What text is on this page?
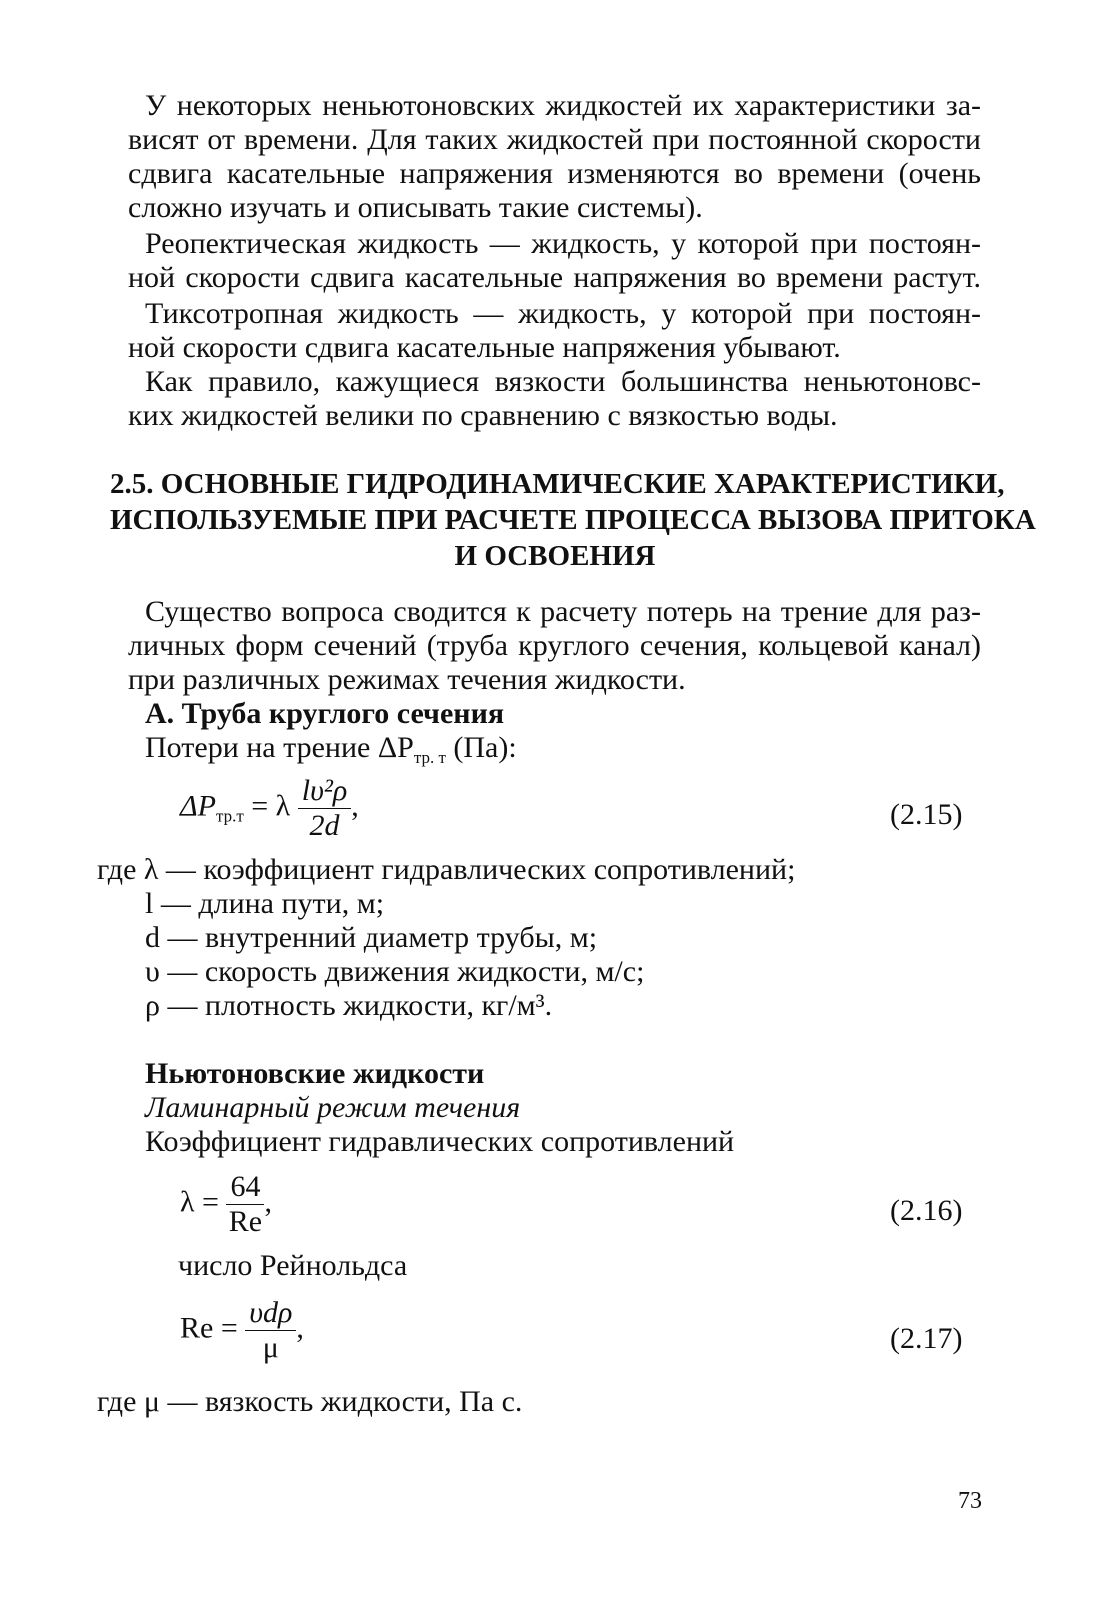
У некоторых неньютоновских жидкостей их характеристики за-
висят от времени. Для таких жидкостей при постоянной скорости
сдвига касательные напряжения изменяются во времени (очень
сложно изучать и описывать такие системы).
Реопектическая жидкость — жидкость, у которой при постоян-
ной скорости сдвига касательные напряжения во времени растут.
Тиксотропная жидкость — жидкость, у которой при постоян-
ной скорости сдвига касательные напряжения убывают.
Как правило, кажущиеся вязкости большинства неньютоновс-
ких жидкостей велики по сравнению с вязкостью воды.
2.5. ОСНОВНЫЕ ГИДРОДИНАМИЧЕСКИЕ ХАРАКТЕРИСТИКИ,
ИСПОЛЬЗУЕМЫЕ ПРИ РАСЧЕТЕ ПРОЦЕССА ВЫЗОВА ПРИТОКА
И ОСВОЕНИЯ
Существо вопроса сводится к расчету потерь на трение для раз-
личных форм сечений (труба круглого сечения, кольцевой канал)
при различных режимах течения жидкости.
А. Труба круглого сечения
Потери на трение $\Delta P_{тр. т}$ (Па):
$\Delta P_{тр.т} = \lambda \frac{\text{lυ²ρ}}{2d}$ ,	(2.15)
где λ — коэффициент гидравлических сопротивлений;
l — длина пути, м;
d — внутренний диаметр трубы, м;
υ — скорость движения жидкости, м/с;
ρ — плотность жидкости, кг/м³.
Ньютоновские жидкости
Ламинарный режим течения
Коэффициент гидравлических сопротивлений
$\lambda = \frac{64}{Re}$ ,	(2.16)
число Рейнольдса
$Re = \frac{\text{υdρ}}{\mu}$ ,	(2.17)
где μ — вязкость жидкости, Па с.
73
